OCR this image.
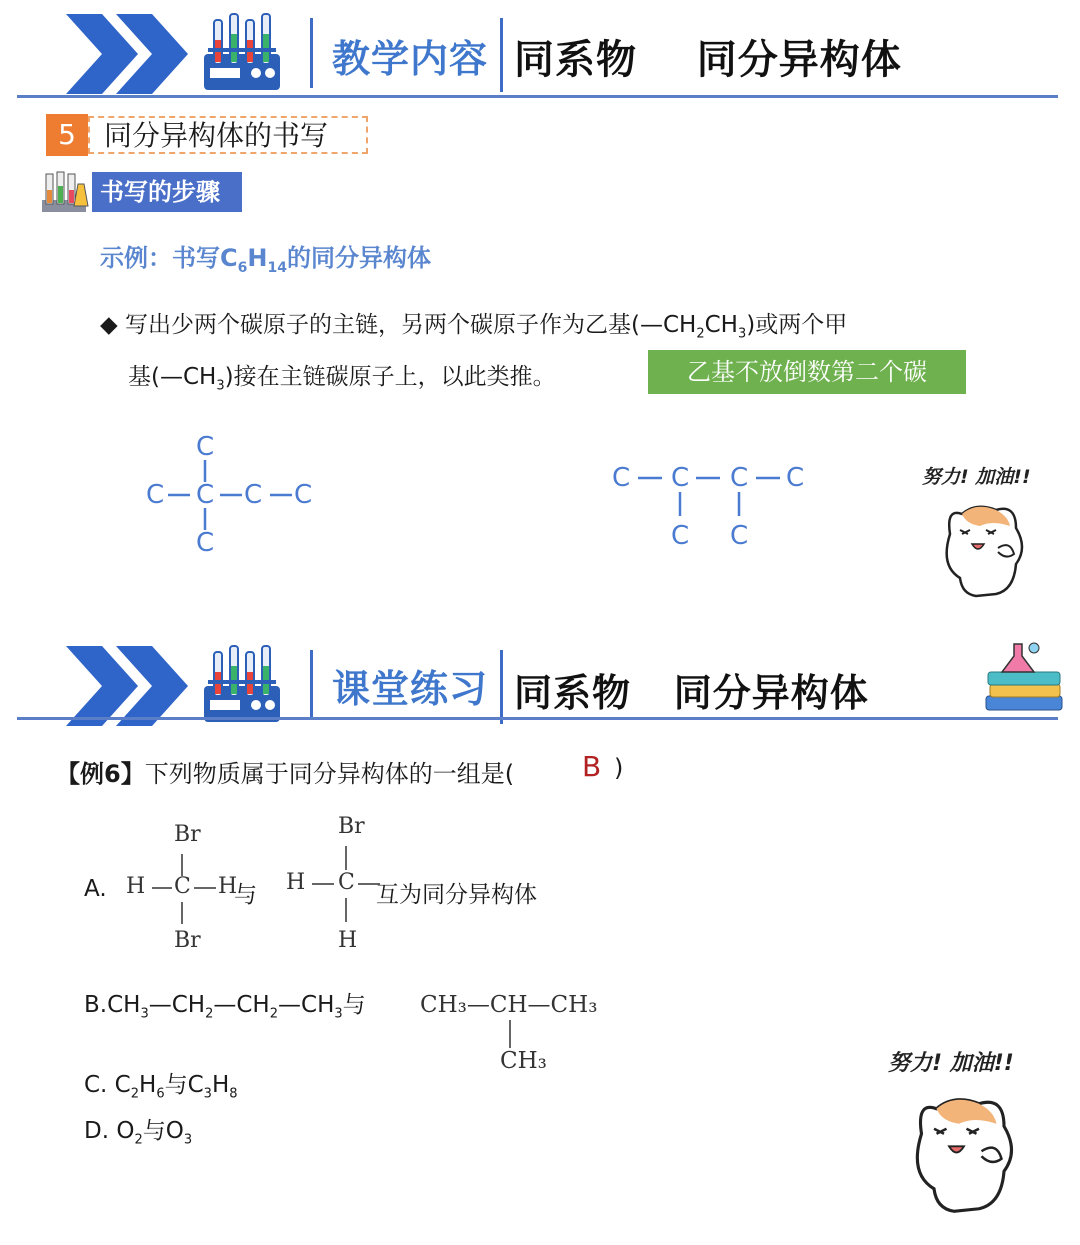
教学内容 同系物    同分异构体
5	同分异构体的书写
书写的步骤
示例：书写$C_6H_{14}$的同分异构体
◆ 写出少两个碳原子的主链，另两个碳原子作为乙基$(—CH_2CH_3)$或两个甲
基$(—CH_3)$接在主链碳原子上，以此类推。	乙基不放倒数第二个碳
C
C C C C
C
C C C C
C C
努力! 加油!!
课堂练习 同系物   同分异构体
【例6】下列物质属于同分异构体的一组是( B )
A.
Br
H C H
Br
与
Br
H C
H
互为同分异构体
$B.CH_3—CH_2—CH_2—CH_3$与 CH₃—CH—CH₃
CH₃
C. $C_2H_6$与$C_3H_8$
D. $O_2$与$O_3$
努力! 加油!!
